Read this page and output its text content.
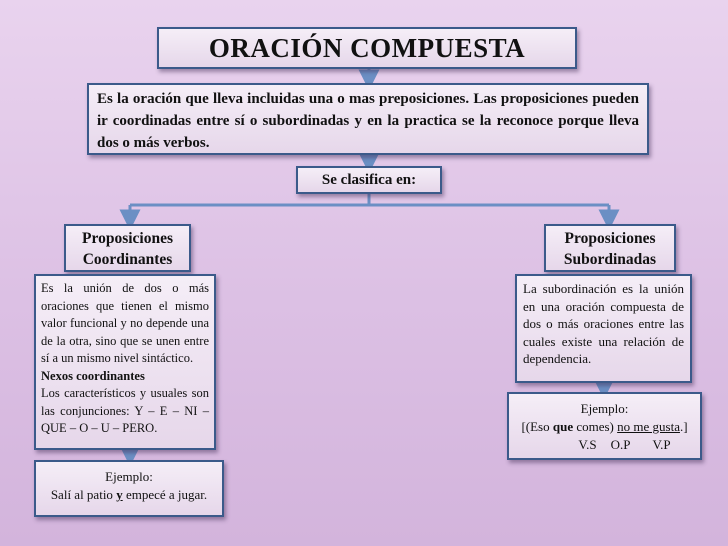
ORACIÓN COMPUESTA
Es la oración que lleva incluidas una o mas preposiciones. Las proposiciones pueden ir coordinadas entre sí o subordinadas y en la practica se la reconoce porque lleva dos o más verbos.
Se clasifica en:
Proposiciones
Coordinantes
Proposiciones
Subordinadas

Es la unión de dos o más oraciones que tienen el mismo valor funcional y no depende una de la otra, sino que se unen entre sí a un mismo nivel sintáctico.

Nexos coordinantes

Los característicos y usuales son las conjunciones: Y – E – NI – QUE – O – U – PERO.

La subordinación es la unión en una oración compuesta de dos o más oraciones entre las cuales existe una relación de dependencia.
Ejemplo:
Salí al patio y empecé a jugar.
Ejemplo:
[(Eso que comes) no me gusta.]
V.S O.P V.P
